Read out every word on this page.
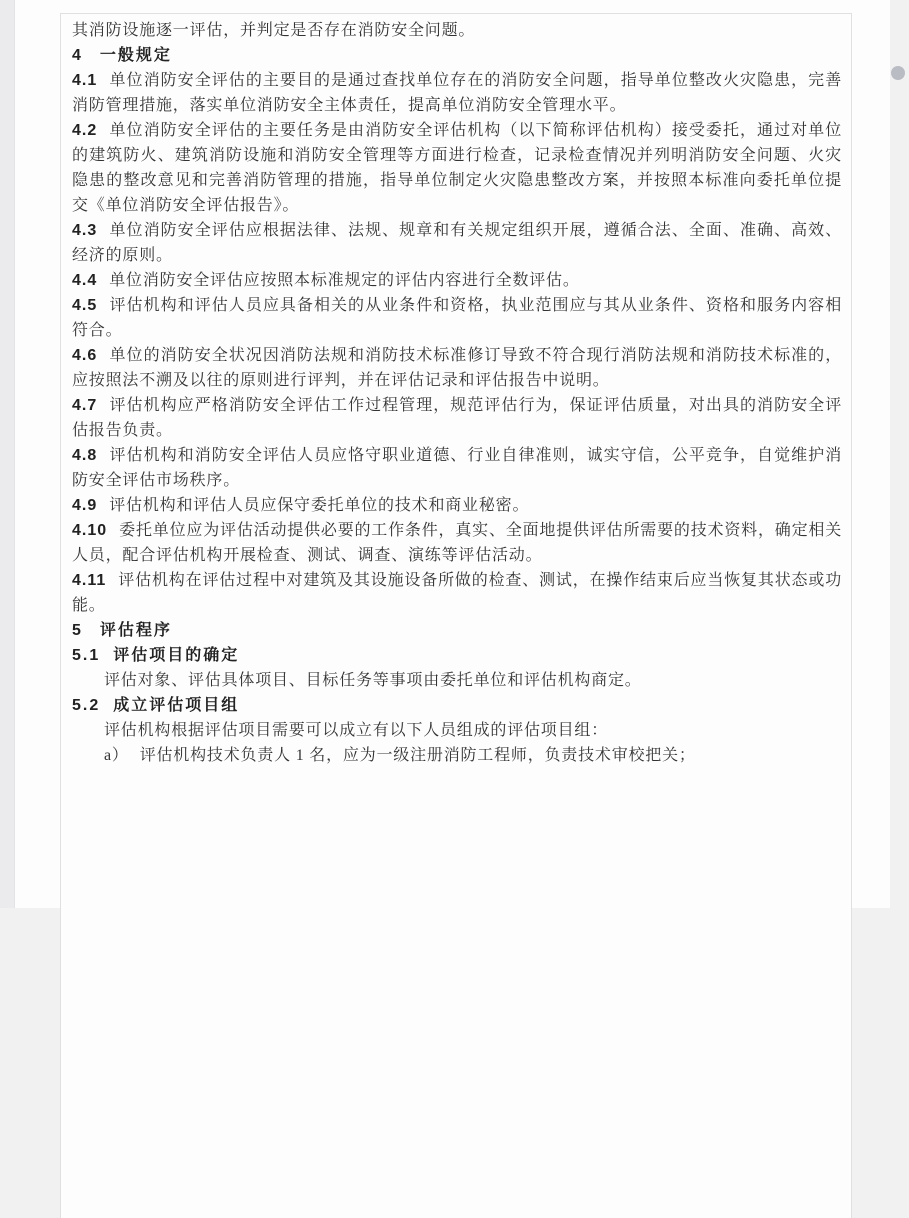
其消防设施逐一评估，并判定是否存在消防安全问题。

4 一般规定

4.1 单位消防安全评估的主要目的是通过查找单位存在的消防安全问题，指导单位整改火灾隐患，完善消防管理措施，落实单位消防安全主体责任，提高单位消防安全管理水平。

4.2 单位消防安全评估的主要任务是由消防安全评估机构（以下简称评估机构）接受委托，通过对单位的建筑防火、建筑消防设施和消防安全管理等方面进行检查，记录检查情况并列明消防安全问题、火灾隐患的整改意见和完善消防管理的措施，指导单位制定火灾隐患整改方案，并按照本标准向委托单位提交《单位消防安全评估报告》。

4.3 单位消防安全评估应根据法律、法规、规章和有关规定组织开展，遵循合法、全面、准确、高效、经济的原则。

4.4 单位消防安全评估应按照本标准规定的评估内容进行全数评估。

4.5 评估机构和评估人员应具备相关的从业条件和资格，执业范围应与其从业条件、资格和服务内容相符合。

4.6 单位的消防安全状况因消防法规和消防技术标准修订导致不符合现行消防法规和消防技术标准的，应按照法不溯及以往的原则进行评判，并在评估记录和评估报告中说明。

4.7 评估机构应严格消防安全评估工作过程管理，规范评估行为，保证评估质量，对出具的消防安全评估报告负责。

4.8 评估机构和消防安全评估人员应恪守职业道德、行业自律准则，诚实守信，公平竞争，自觉维护消防安全评估市场秩序。

4.9 评估机构和评估人员应保守委托单位的技术和商业秘密。

4.10 委托单位应为评估活动提供必要的工作条件，真实、全面地提供评估所需要的技术资料，确定相关人员，配合评估机构开展检查、测试、调查、演练等评估活动。

4.11 评估机构在评估过程中对建筑及其设施设备所做的检查、测试，在操作结束后应当恢复其状态或功能。

5 评估程序

5.1 评估项目的确定

评估对象、评估具体项目、目标任务等事项由委托单位和评估机构商定。

5.2 成立评估项目组

评估机构根据评估项目需要可以成立有以下人员组成的评估项目组：

a） 评估机构技术负责人 1 名，应为一级注册消防工程师，负责技术审校把关；
